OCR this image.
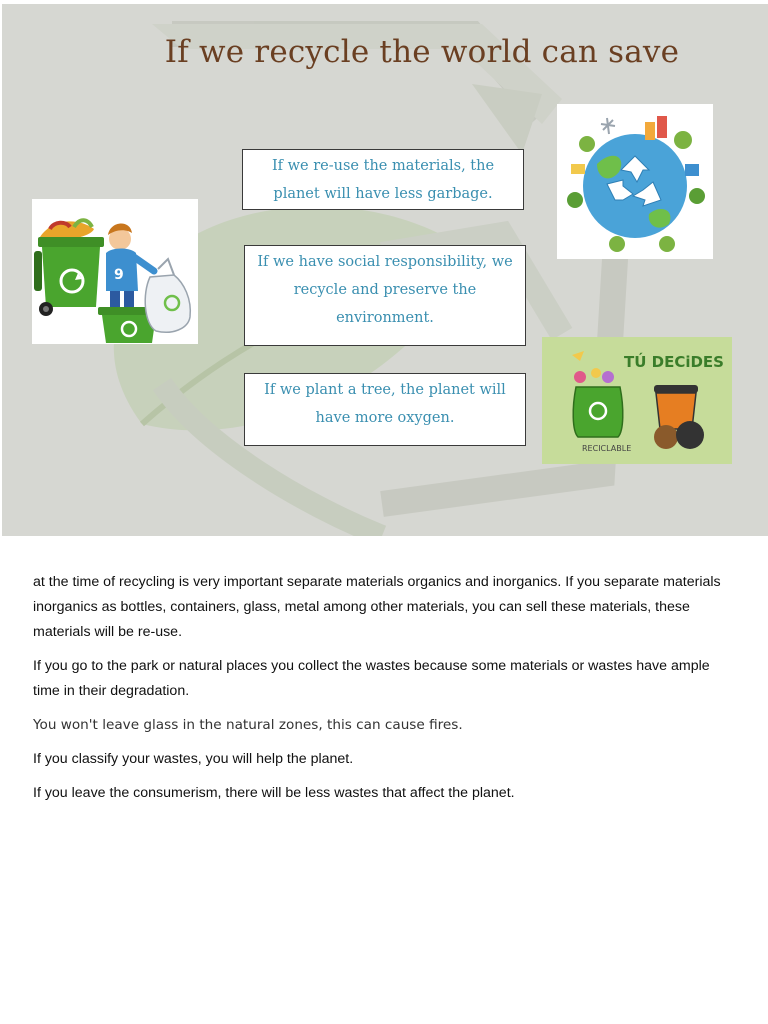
If we recycle the world can save
If we re-use the materials, the planet will have less garbage.
If we have social responsibility, we recycle and preserve the environment.
If we plant a tree, the planet will have more oxygen.
9
TÚ DECiDES
RECICLABLE

at the time of recycling is very important separate materials organics and inorganics. If you separate materials inorganics as bottles, containers, glass, metal among other materials, you can sell these materials, these materials will be re-use.

If you go to the park or natural places you collect the wastes because some materials or wastes have ample time in their degradation.

You won't leave glass in the natural zones, this can cause fires.

If you classify your wastes, you will help the planet.

If you leave the consumerism, there will be less wastes that affect the planet.
